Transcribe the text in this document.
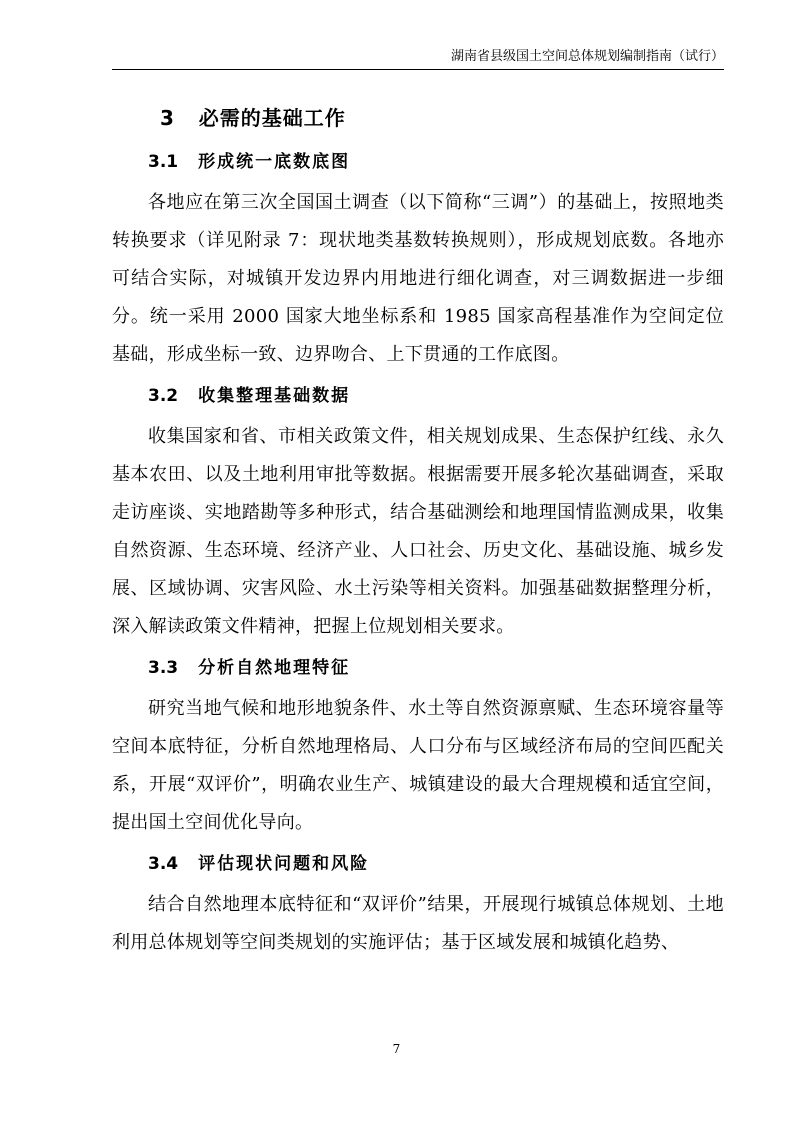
湖南省县级国土空间总体规划编制指南（试行）
3   必需的基础工作
3.1 形成统一底数底图

各地应在第三次全国国土调查（以下简称“三调”）的基础上，按照地类转换要求（详见附录 7：现状地类基数转换规则），形成规划底数。各地亦可结合实际，对城镇开发边界内用地进行细化调查，对三调数据进一步细分。统一采用 2000 国家大地坐标系和 1985 国家高程基准作为空间定位基础，形成坐标一致、边界吻合、上下贯通的工作底图。

3.2 收集整理基础数据

收集国家和省、市相关政策文件，相关规划成果、生态保护红线、永久基本农田、以及土地利用审批等数据。根据需要开展多轮次基础调查，采取走访座谈、实地踏勘等多种形式，结合基础测绘和地理国情监测成果，收集自然资源、生态环境、经济产业、人口社会、历史文化、基础设施、城乡发展、区域协调、灾害风险、水土污染等相关资料。加强基础数据整理分析，深入解读政策文件精神，把握上位规划相关要求。

3.3 分析自然地理特征

研究当地气候和地形地貌条件、水土等自然资源禀赋、生态环境容量等空间本底特征，分析自然地理格局、人口分布与区域经济布局的空间匹配关系，开展“双评价”，明确农业生产、城镇建设的最大合理规模和适宜空间，提出国土空间优化导向。

3.4 评估现状问题和风险

结合自然地理本底特征和“双评价”结果，开展现行城镇总体规划、土地利用总体规划等空间类规划的实施评估；基于区域发展和城镇化趋势、

7
